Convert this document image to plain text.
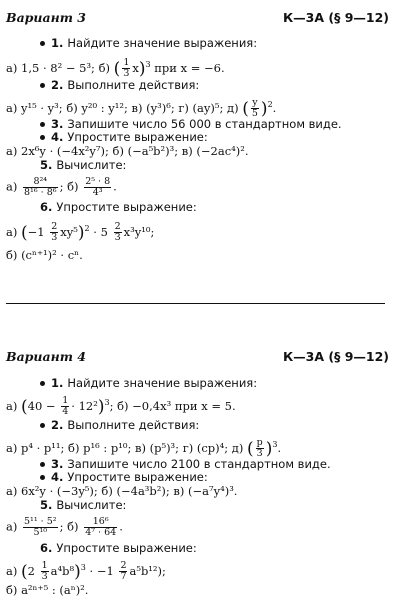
Вариант 3	К—3А (§ 9—12)
1. Найдите значение выражения:
а) 1,5 · 8² − 5³; б) ( $\frac{1}{3} x)^3$ при x = −6.
2. Выполните действия:
а) y¹⁵ · y³; б) y²⁰ : y¹²; в) (y³)⁶; г) (ay)⁵; д) ( $\frac{y}{5} )^2$.
3. Запишите число 56 000 в стандартном виде.
4. Упростите выражение:
а) 2x⁶y · (−4x²y⁷); б) (−a⁵b²)³; в) (−2ac⁴)².
5. Вычислите:
$а) \frac{\text{8²⁴}}{\text{8¹⁶ · 8⁶}}$ ; $б) \frac{\text{2⁵ · 8}}{\text{4³}}$ .
6. Упростите выражение:
а) $(-1 \frac{2}{3} xy^5)^2 \cdot 5 \frac{2}{3} x^3y^{10}$;
б) (cⁿ⁺¹)² · cⁿ.
Вариант 4	К—3А (§ 9—12)
1. Найдите значение выражения:
а) $(40 - \frac{1}{4} \cdot 12^2)^3$; б) −0,4x³ при x = 5.
2. Выполните действия:
а) p⁴ · p¹¹; б) p¹⁶ : p¹⁰; в) (p⁵)³; г) (cp)⁴; д) ( $\frac{p}{3} )^3$.
3. Запишите число 2100 в стандартном виде.
4. Упростите выражение:
а) 6x²y · (−3y⁵); б) (−4a³b²); в) (−a⁷y⁴)³.
5. Вычислите:
$а) \frac{\text{5¹¹ · 5²}}{\text{5¹⁰}}$ ; $б) \frac{\text{16⁶}}{\text{4⁷ · 64}}$ .
6. Упростите выражение:
а) $(2 \frac{1}{3} a^4b^8)^3 \cdot -1 \frac{2}{7} a^5b^{12}$);
б) a²ⁿ⁺⁵ : (aⁿ)².
